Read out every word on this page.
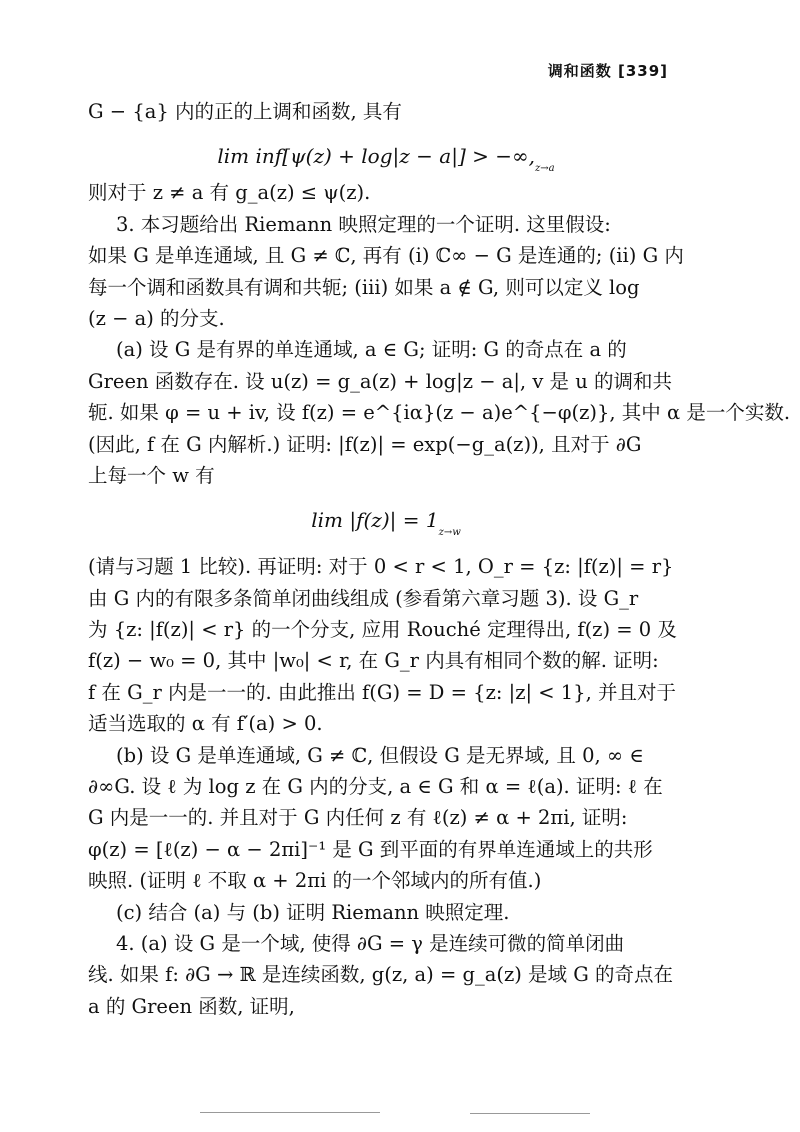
调和函数 [339]
G − {a} 内的正的上调和函数, 具有
$\lim inf[\psi(z) + \log|z - a|] > -\infty,_{z\to a}$
则对于 z ≠ a 有 g_a(z) ≤ ψ(z).
3. 本习题给出 Riemann 映照定理的一个证明. 这里假设:
如果 G 是单连通域, 且 G ≠ ℂ, 再有 (i) ℂ∞ − G 是连通的; (ii) G 内
每一个调和函数具有调和共轭; (iii) 如果 a ∉ G, 则可以定义 log
(z − a) 的分支.
(a) 设 G 是有界的单连通域, a ∈ G; 证明: G 的奇点在 a 的
Green 函数存在. 设 u(z) = g_a(z) + log|z − a|, v 是 u 的调和共
轭. 如果 φ = u + iv, 设 f(z) = e^{iα}(z − a)e^{−φ(z)}, 其中 α 是一个实数.
(因此, f 在 G 内解析.) 证明: |f(z)| = exp(−g_a(z)), 且对于 ∂G
上每一个 w 有
$\lim |f(z)| = 1_{z\to w}$
(请与习题 1 比较). 再证明: 对于 0 < r < 1, O_r = {z: |f(z)| = r}
由 G 内的有限多条简单闭曲线组成 (参看第六章习题 3). 设 G_r
为 {z: |f(z)| < r} 的一个分支, 应用 Rouché 定理得出, f(z) = 0 及
f(z) − w₀ = 0, 其中 |w₀| < r, 在 G_r 内具有相同个数的解. 证明:
f 在 G_r 内是一一的. 由此推出 f(G) = D = {z: |z| < 1}, 并且对于
适当选取的 α 有 f′(a) > 0.
(b) 设 G 是单连通域, G ≠ ℂ, 但假设 G 是无界域, 且 0, ∞ ∈
∂∞G. 设 ℓ 为 log z 在 G 内的分支, a ∈ G 和 α = ℓ(a). 证明: ℓ 在
G 内是一一的. 并且对于 G 内任何 z 有 ℓ(z) ≠ α + 2πi, 证明:
φ(z) = [ℓ(z) − α − 2πi]⁻¹ 是 G 到平面的有界单连通域上的共形
映照. (证明 ℓ 不取 α + 2πi 的一个邻域内的所有值.)
(c) 结合 (a) 与 (b) 证明 Riemann 映照定理.
4. (a) 设 G 是一个域, 使得 ∂G = γ 是连续可微的简单闭曲
线. 如果 f: ∂G → ℝ 是连续函数, g(z, a) = g_a(z) 是域 G 的奇点在
a 的 Green 函数, 证明,
